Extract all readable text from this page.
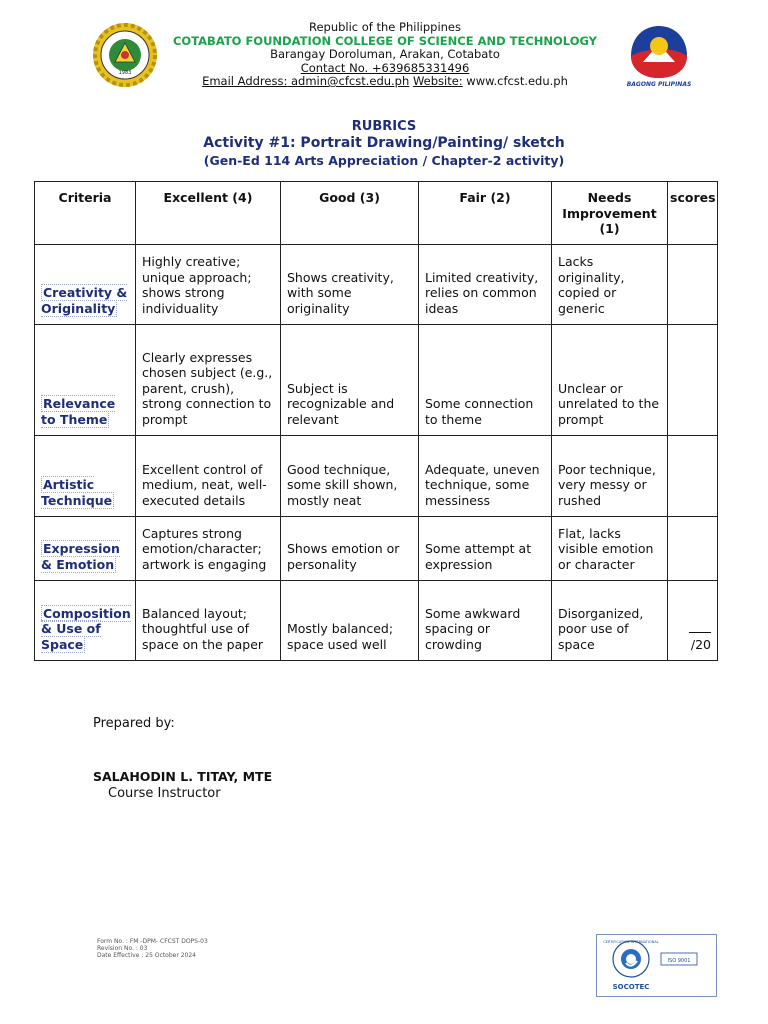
1983
BAGONG PILIPINAS
Republic of the Philippines
COTABATO FOUNDATION COLLEGE OF SCIENCE AND TECHNOLOGY
Barangay Doroluman, Arakan, Cotabato
Contact No. +639685331496
Email Address: admin@cfcst.edu.ph Website: www.cfcst.edu.ph
RUBRICS
Activity #1: Portrait Drawing/Painting/ sketch
(Gen-Ed 114 Arts Appreciation / Chapter-2 activity)
Criteria	Excellent (4)	Good (3)	Fair (2)	Needs Improvement (1)	scores
Creativity & Originality	Highly creative; unique approach; shows strong individuality	Shows creativity, with some originality	Limited creativity, relies on common ideas	Lacks originality, copied or generic	
Relevance to Theme	Clearly expresses chosen subject (e.g., parent, crush), strong connection to prompt	Subject is recognizable and relevant	Some connection to theme	Unclear or unrelated to the prompt	
Artistic Technique	Excellent control of medium, neat, well-executed details	Good technique, some skill shown, mostly neat	Adequate, uneven technique, some messiness	Poor technique, very messy or rushed	
Expression & Emotion	Captures strong emotion/character; artwork is engaging	Shows emotion or personality	Some attempt at expression	Flat, lacks visible emotion or character	
Composition & Use of Space	Balanced layout; thoughtful use of space on the paper	Mostly balanced; space used well	Some awkward spacing or crowding	Disorganized, poor use of space	/20
Prepared by:
SALAHODIN L. TITAY, MTE
Course Instructor
Form No. : FM -DPM- CFCST DOPS-03
Revision No. : 03
Date Effective : 25 October 2024
CERTIFICATION INTERNATIONAL
SOCOTEC
ISO 9001
